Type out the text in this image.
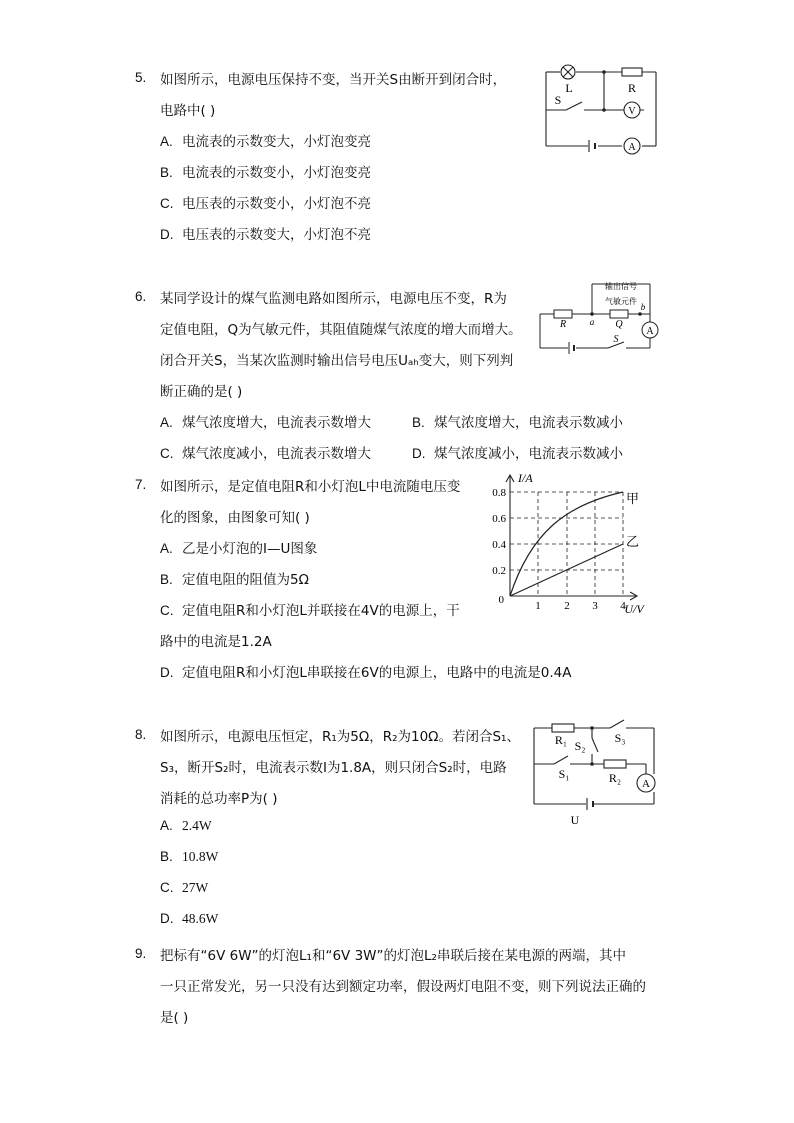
5. 如图所示，电源电压保持不变，当开关S由断开到闭合时，
电路中( )
A. 电流表的示数变大，小灯泡变亮
B. 电流表的示数变小，小灯泡变亮
C. 电压表的示数变小，小灯泡不亮
D. 电压表的示数变大，小灯泡不亮
L	R
S
V
A
6. 某同学设计的煤气监测电路如图所示，电源电压不变，R为
定值电阻，Q为气敏元件，其阻值随煤气浓度的增大而增大。
闭合开关S，当某次监测时输出信号电压Uₐₕ变大，则下列判
断正确的是( )
A. 煤气浓度增大，电流表示数增大	B. 煤气浓度增大，电流表示数减小
C. 煤气浓度减小，电流表示数增大	D. 煤气浓度减小，电流表示数减小
输出信号
气敏元件
R	a Q
b
A
S
7. 如图所示，是定值电阻R和小灯泡L中电流随电压变
化的图象，由图象可知( )
A. 乙是小灯泡的I—U图象
B. 定值电阻的阻值为5Ω
C. 定值电阻R和小灯泡L并联接在4V的电源上，干
路中的电流是1.2A
D. 定值电阻R和小灯泡L串联接在6V的电源上，电路中的电流是0.4A
I/A
U/V
0.8
0.6
0.4
0.2
1 2 3 4
0
甲
乙
8. 如图所示，电源电压恒定，R₁为5Ω，R₂为10Ω。若闭合S₁、
S₃，断开S₂时，电流表示数I为1.8A，则只闭合S₂时，电路
消耗的总功率P为( )
A. 2.4W
B. 10.8W
C. 27W
D. 48.6W
R₁ S₂
S₃
S₁	R₂ A
U
9. 把标有“6V 6W”的灯泡L₁和“6V 3W”的灯泡L₂串联后接在某电源的两端，其中
一只正常发光，另一只没有达到额定功率，假设两灯电阻不变，则下列说法正确的
是( )
